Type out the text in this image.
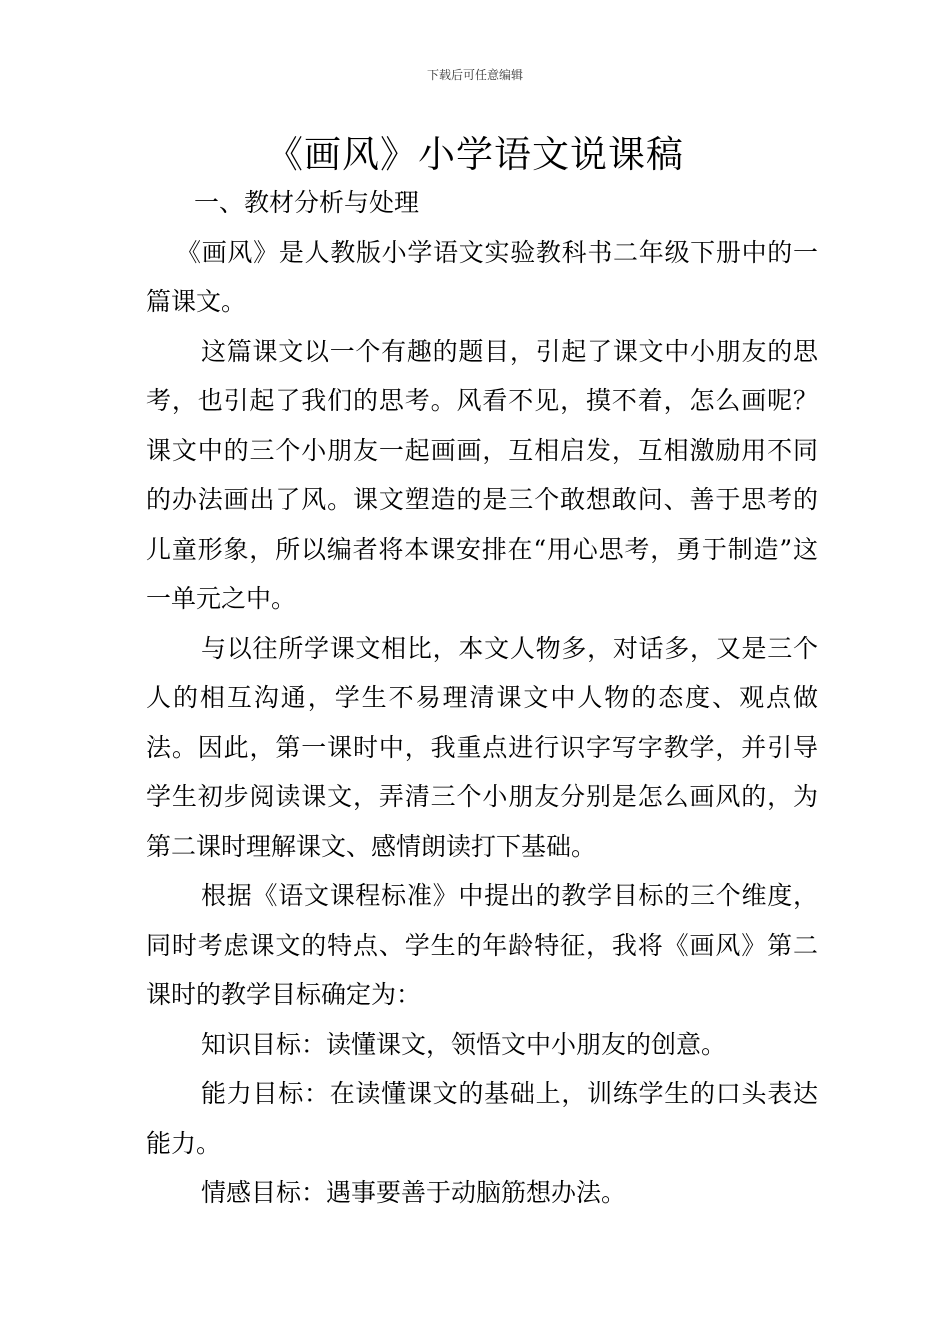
下载后可任意编辑
《画风》小学语文说课稿

一、教材分析与处理

《画风》是人教版小学语文实验教科书二年级下册中的一篇课文。

这篇课文以一个有趣的题目，引起了课文中小朋友的思考，也引起了我们的思考。风看不见，摸不着，怎么画呢？课文中的三个小朋友一起画画，互相启发，互相激励用不同的办法画出了风。课文塑造的是三个敢想敢问、善于思考的儿童形象，所以编者将本课安排在“用心思考，勇于制造”这一单元之中。

与以往所学课文相比，本文人物多，对话多，又是三个人的相互沟通，学生不易理清课文中人物的态度、观点做法。因此，第一课时中，我重点进行识字写字教学，并引导学生初步阅读课文，弄清三个小朋友分别是怎么画风的，为第二课时理解课文、感情朗读打下基础。

根据《语文课程标准》中提出的教学目标的三个维度，同时考虑课文的特点、学生的年龄特征，我将《画风》第二课时的教学目标确定为：

知识目标：读懂课文，领悟文中小朋友的创意。

能力目标：在读懂课文的基础上，训练学生的口头表达能力。

情感目标：遇事要善于动脑筋想办法。
